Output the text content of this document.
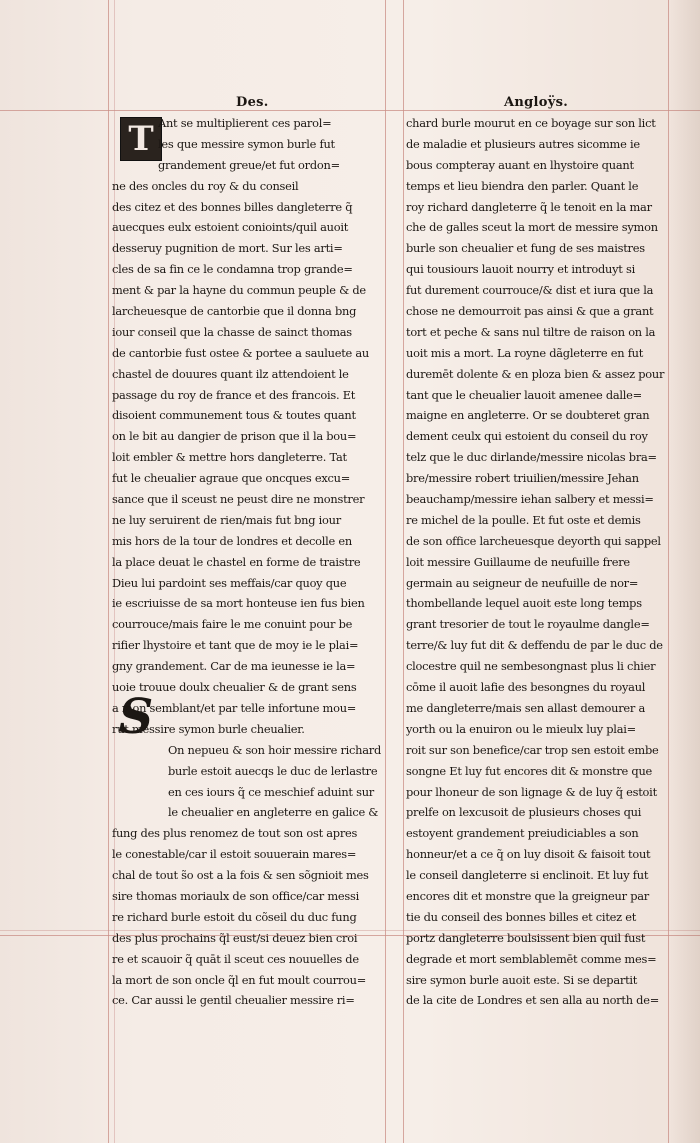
Des.	Angloÿs.
T
S
Ant se multiplierent ces parol=
les que messire symon burle fut
grandement greue/et fut ordon=
ne des oncles du roy & du conseil
des citez et des bonnes billes dangleterre q̃
auecques eulx estoient conioints/quil auoit
desseruy pugnition de mort. Sur les arti=
cles de sa fin ce le condamna trop grande=
ment & par la hayne du commun peuple & de
larcheuesque de cantorbie que il donna bng
iour conseil que la chasse de sainct thomas
de cantorbie fust ostee & portee a sauluete au
chastel de douures quant ilz attendoient le
passage du roy de france et des francois. Et
disoient communement tous & toutes quant
on le bit au dangier de prison que il la bou=
loit embler & mettre hors dangleterre. Tat
fut le cheualier agraue que oncques excu=
sance que il sceust ne peust dire ne monstrer
ne luy seruirent de rien/mais fut bng iour
mis hors de la tour de londres et decolle en
la place deuat le chastel en forme de traistre
Dieu lui pardoint ses meffais/car quoy que
ie escriuisse de sa mort honteuse ien fus bien
courrouce/mais faire le me conuint pour be
rifier lhystoire et tant que de moy ie le plai=
gny grandement. Car de ma ieunesse ie la=
uoie trouue doulx cheualier & de grant sens
a mon semblant/et par telle infortune mou=
rut messire symon burle cheualier.
On nepueu & son hoir messire richard
burle estoit auecqs le duc de lerlastre
en ces iours q̃ ce meschief aduint sur
le cheualier en angleterre en galice &
fung des plus renomez de tout son ost apres
le conestable/car il estoit souuerain mares=
chal de tout s̃o ost a la fois & sen sõgnioit mes
sire thomas moriaulx de son office/car messi
re richard burle estoit du cõseil du duc fung
des plus prochains q̃l eust/si deuez bien croi
re et scauoir q̃ quāt il sceut ces nouuelles de
la mort de son oncle q̃l en fut moult courrou=
ce. Car aussi le gentil cheualier messire ri=
chard burle mourut en ce boyage sur son lict
de maladie et plusieurs autres sicomme ie
bous compteray auant en lhystoire quant
temps et lieu biendra den parler. Quant le
roy richard dangleterre q̃ le tenoit en la mar
che de galles sceut la mort de messire symon
burle son cheualier et fung de ses maistres
qui tousiours lauoit nourry et introduyt si
fut durement courrouce/& dist et iura que la
chose ne demourroit pas ainsi & que a grant
tort et peche & sans nul tiltre de raison on la
uoit mis a mort. La royne dãgleterre en fut
duremēt dolente & en ploza bien & assez pour
tant que le cheualier lauoit amenee dalle=
maigne en angleterre. Or se doubteret gran
dement ceulx qui estoient du conseil du roy
telz que le duc dirlande/messire nicolas bra=
bre/messire robert triuilien/messire Jehan
beauchamp/messire iehan salbery et messi=
re michel de la poulle. Et fut oste et demis
de son office larcheuesque deyorth qui sappel
loit messire Guillaume de neufuille frere
germain au seigneur de neufuille de nor=
thombellande lequel auoit este long temps
grant tresorier de tout le royaulme dangle=
terre/& luy fut dit & deffendu de par le duc de
clocestre quil ne sembesongnast plus li chier
cōme il auoit lafie des besongnes du royaul
me dangleterre/mais sen allast demourer a
yorth ou la enuiron ou le mieulx luy plai=
roit sur son benefice/car trop sen estoit embe
songne Et luy fut encores dit & monstre que
pour lhoneur de son lignage & de luy q̃ estoit
prelfe on lexcusoit de plusieurs choses qui
estoyent grandement preiudiciables a son
honneur/et a ce q̃ on luy disoit & faisoit tout
le conseil dangleterre si enclinoit. Et luy fut
encores dit et monstre que la greigneur par
tie du conseil des bonnes billes et citez et
portz dangleterre boulsissent bien quil fust
degrade et mort semblablemēt comme mes=
sire symon burle auoit este. Si se departit
de la cite de Londres et sen alla au north de=
